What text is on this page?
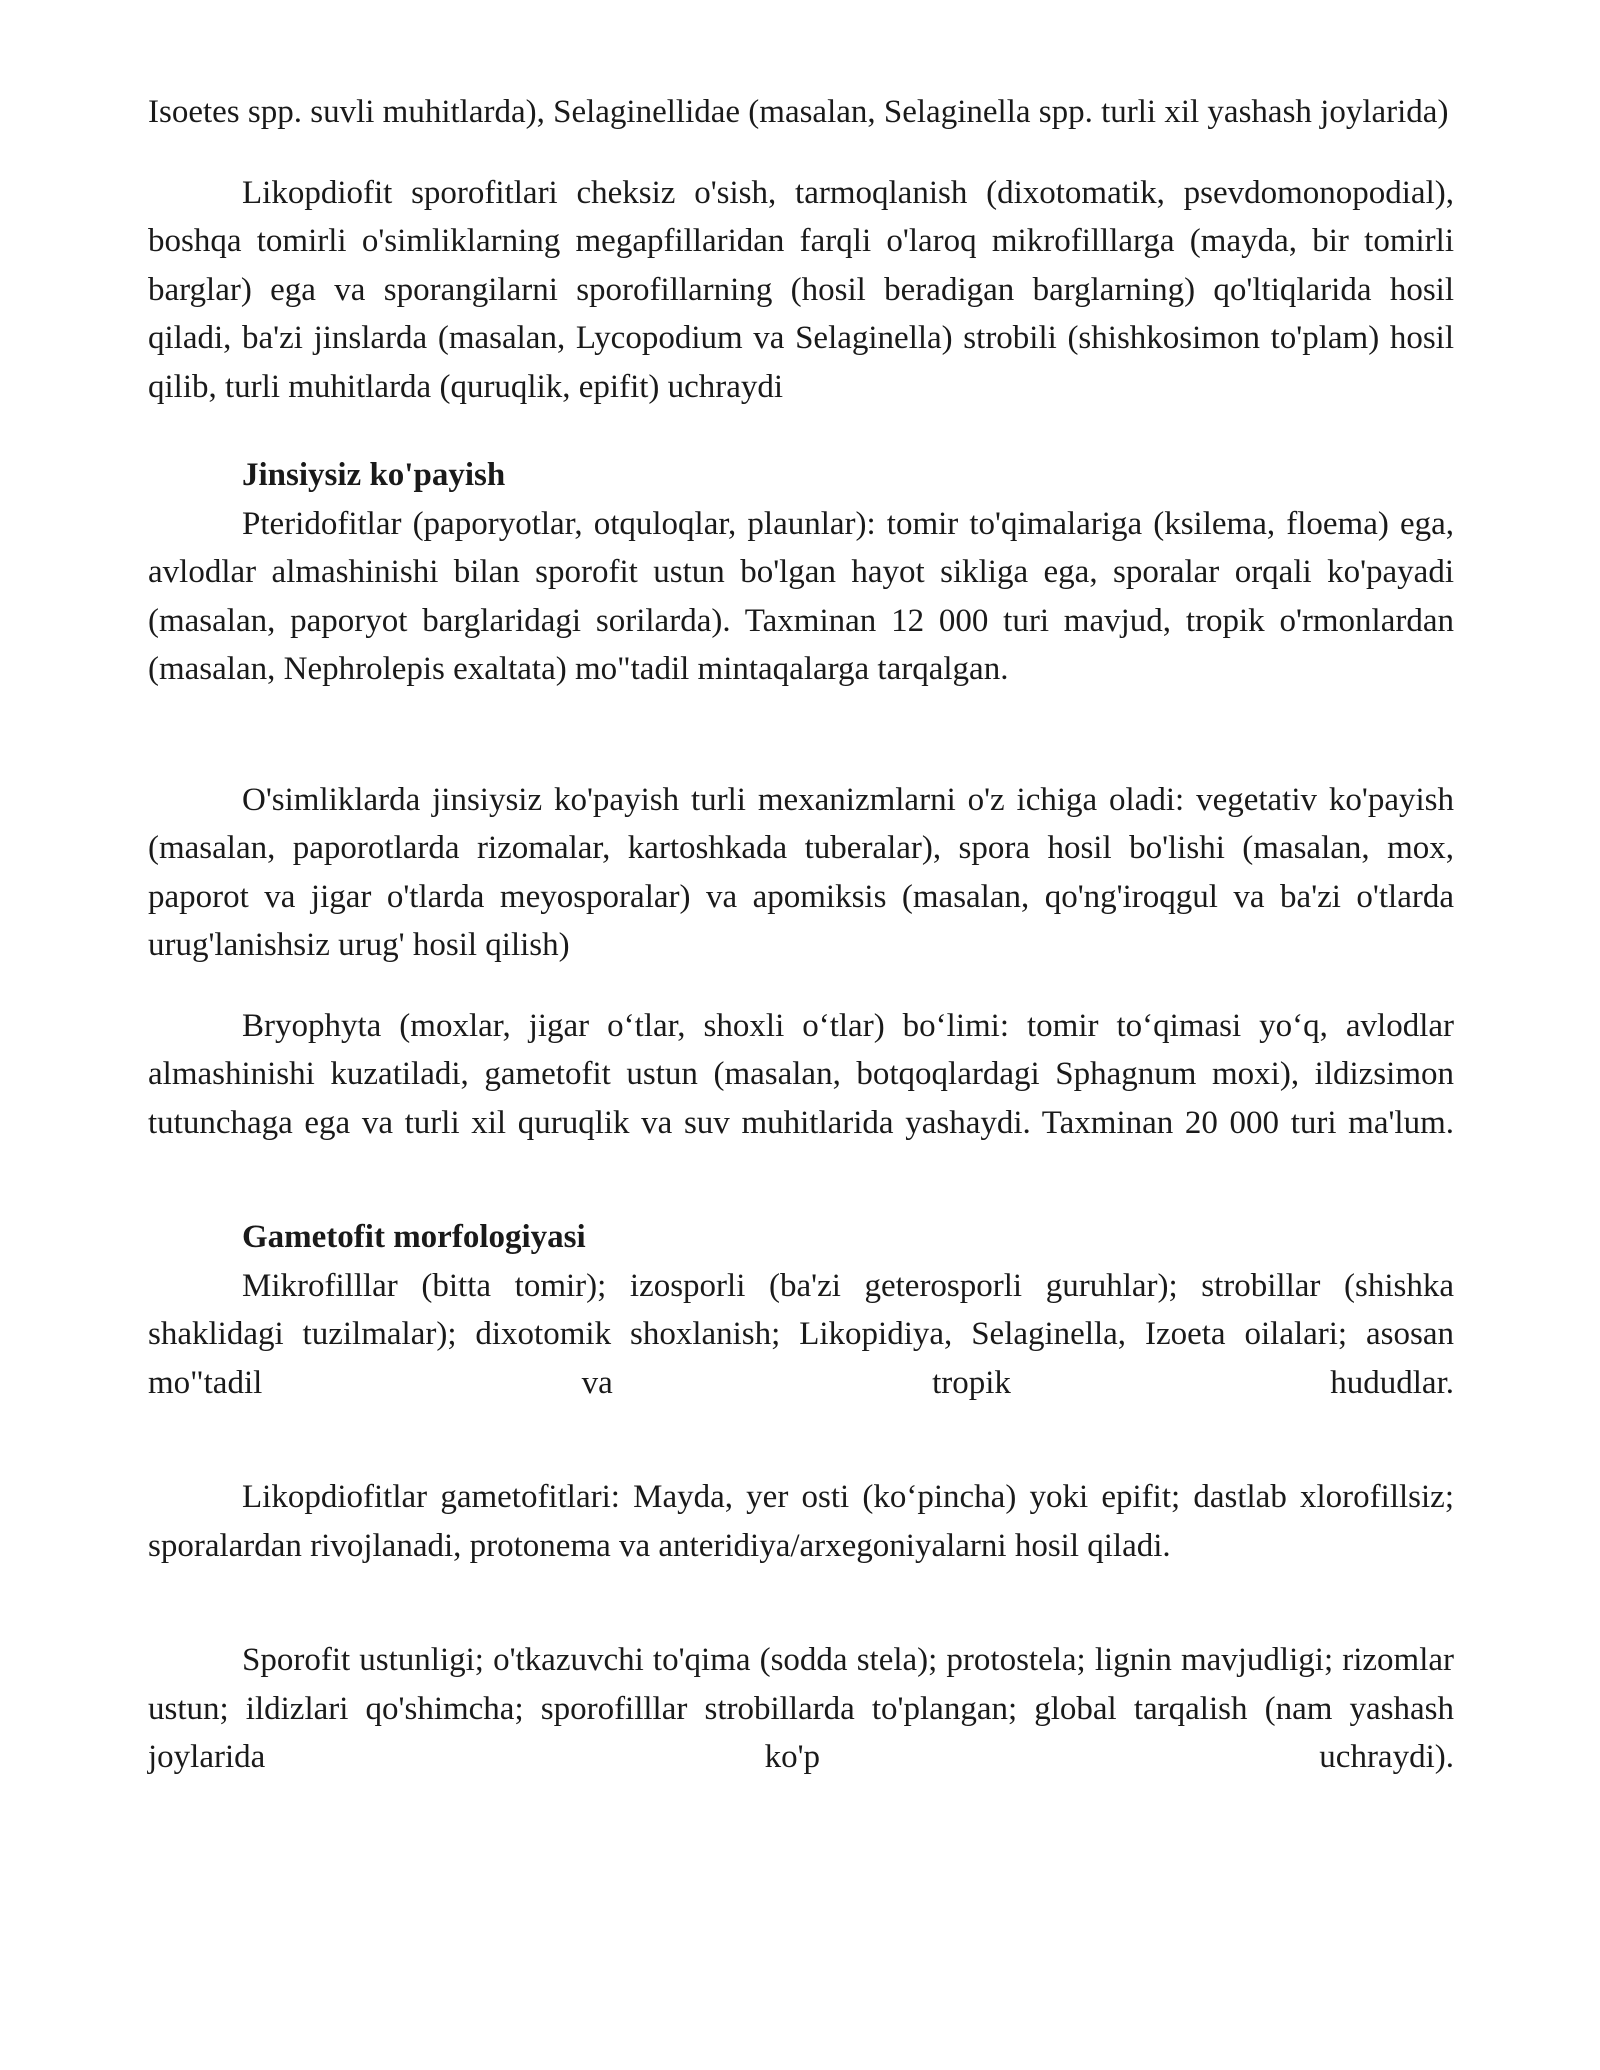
Isoetes spp. suvli muhitlarda), Selaginellidae (masalan, Selaginella spp. turli xil yashash joylarida)

Likopdiofit sporofitlari cheksiz o'sish, tarmoqlanish (dixotomatik, psevdomonopodial), boshqa tomirli o'simliklarning megapfillaridan farqli o'laroq mikrofilllarga (mayda, bir tomirli barglar) ega va sporangilarni sporofillarning (hosil beradigan barglarning) qo'ltiqlarida hosil qiladi, ba'zi jinslarda (masalan, Lycopodium va Selaginella) strobili (shishkosimon to'plam) hosil qilib, turli muhitlarda (quruqlik, epifit) uchraydi

Jinsiysiz ko'payish

Pteridofitlar (paporyotlar, otquloqlar, plaunlar): tomir to'qimalariga (ksilema, floema) ega, avlodlar almashinishi bilan sporofit ustun bo'lgan hayot sikliga ega, sporalar orqali ko'payadi (masalan, paporyot barglaridagi sorilarda). Taxminan 12 000 turi mavjud, tropik o'rmonlardan (masalan, Nephrolepis exaltata) mo"tadil mintaqalarga tarqalgan.

O'simliklarda jinsiysiz ko'payish turli mexanizmlarni o'z ichiga oladi: vegetativ ko'payish (masalan, paporotlarda rizomalar, kartoshkada tuberalar), spora hosil bo'lishi (masalan, mox, paporot va jigar o'tlarda meyosporalar) va apomiksis (masalan, qo'ng'iroqgul va ba'zi o'tlarda urug'lanishsiz urug' hosil qilish)

Bryophyta (moxlar, jigar o‘tlar, shoxli o‘tlar) bo‘limi: tomir to‘qimasi yo‘q, avlodlar almashinishi kuzatiladi, gametofit ustun (masalan, botqoqlardagi Sphagnum moxi), ildizsimon tutunchaga ega va turli xil quruqlik va suv muhitlarida yashaydi. Taxminan 20 000 turi ma'lum.

Gametofit morfologiyasi

Mikrofilllar (bitta tomir); izosporli (ba'zi geterosporli guruhlar); strobillar (shishka shaklidagi tuzilmalar); dixotomik shoxlanish; Likopidiya, Selaginella, Izoeta oilalari; asosan mo"tadil va tropik hududlar.

Likopdiofitlar gametofitlari: Mayda, yer osti (ko‘pincha) yoki epifit; dastlab xlorofillsiz; sporalardan rivojlanadi, protonema va anteridiya/arxegoniyalarni hosil qiladi.

Sporofit ustunligi; o'tkazuvchi to'qima (sodda stela); protostela; lignin mavjudligi; rizomlar ustun; ildizlari qo'shimcha; sporofilllar strobillarda to'plangan; global tarqalish (nam yashash joylarida ko'p uchraydi).
